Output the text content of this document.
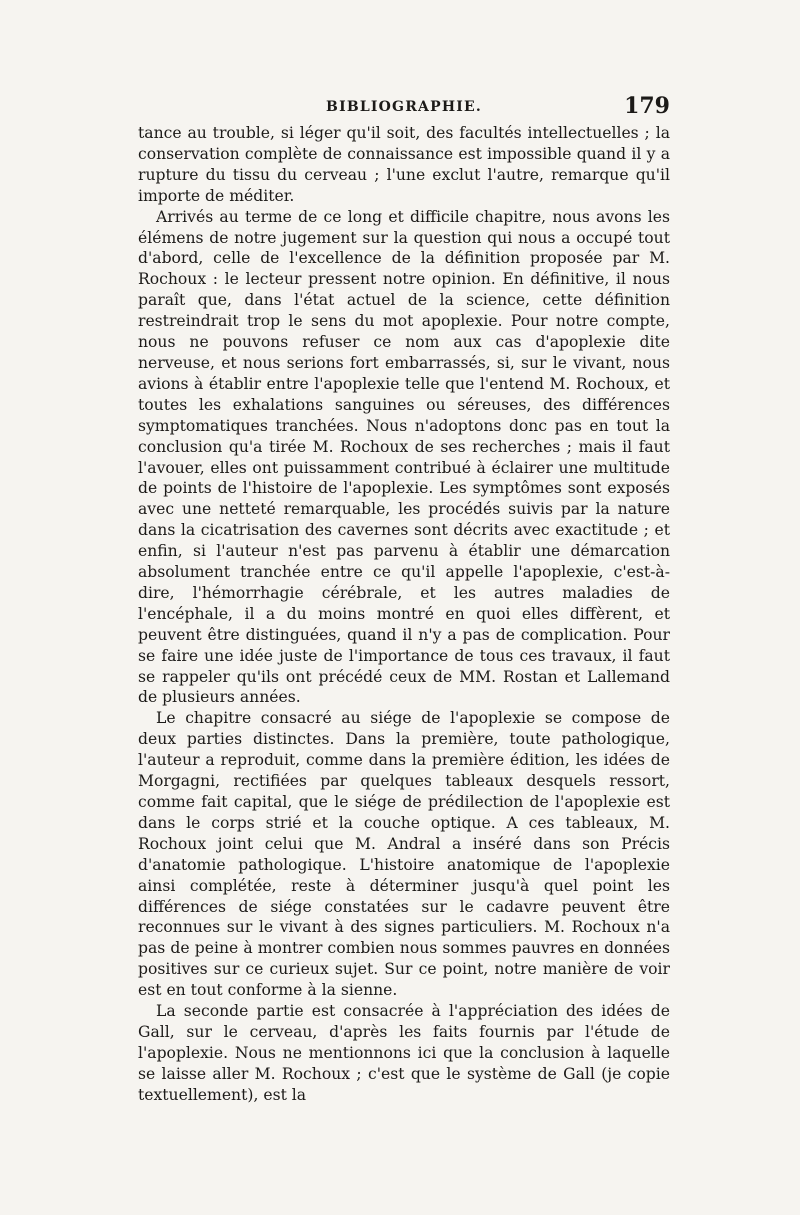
BIBLIOGRAPHIE.	179

tance au trouble, si léger qu'il soit, des facultés intellectuelles ; la conservation complète de connaissance est impossible quand il y a rupture du tissu du cerveau ; l'une exclut l'autre, remarque qu'il importe de méditer.

Arrivés au terme de ce long et difficile chapitre, nous avons les élémens de notre jugement sur la question qui nous a occupé tout d'abord, celle de l'excellence de la définition proposée par M. Rochoux : le lecteur pressent notre opinion. En définitive, il nous paraît que, dans l'état actuel de la science, cette définition restreindrait trop le sens du mot apoplexie. Pour notre compte, nous ne pouvons refuser ce nom aux cas d'apoplexie dite nerveuse, et nous serions fort embarrassés, si, sur le vivant, nous avions à établir entre l'apoplexie telle que l'entend M. Rochoux, et toutes les exhalations sanguines ou séreuses, des différences symptomatiques tranchées. Nous n'adoptons donc pas en tout la conclusion qu'a tirée M. Rochoux de ses recherches ; mais il faut l'avouer, elles ont puissamment contribué à éclairer une multitude de points de l'histoire de l'apoplexie. Les symptômes sont exposés avec une netteté remarquable, les procédés suivis par la nature dans la cicatrisation des cavernes sont décrits avec exactitude ; et enfin, si l'auteur n'est pas parvenu à établir une démarcation absolument tranchée entre ce qu'il appelle l'apoplexie, c'est-à-dire, l'hémorrhagie cérébrale, et les autres maladies de l'encéphale, il a du moins montré en quoi elles diffèrent, et peuvent être distinguées, quand il n'y a pas de complication. Pour se faire une idée juste de l'importance de tous ces travaux, il faut se rappeler qu'ils ont précédé ceux de MM. Rostan et Lallemand de plusieurs années.

Le chapitre consacré au siége de l'apoplexie se compose de deux parties distinctes. Dans la première, toute pathologique, l'auteur a reproduit, comme dans la première édition, les idées de Morgagni, rectifiées par quelques tableaux desquels ressort, comme fait capital, que le siége de prédilection de l'apoplexie est dans le corps strié et la couche optique. A ces tableaux, M. Rochoux joint celui que M. Andral a inséré dans son Précis d'anatomie pathologique. L'histoire anatomique de l'apoplexie ainsi complétée, reste à déterminer jusqu'à quel point les différences de siége constatées sur le cadavre peuvent être reconnues sur le vivant à des signes particuliers. M. Rochoux n'a pas de peine à montrer combien nous sommes pauvres en données positives sur ce curieux sujet. Sur ce point, notre manière de voir est en tout conforme à la sienne.

La seconde partie est consacrée à l'appréciation des idées de Gall, sur le cerveau, d'après les faits fournis par l'étude de l'apoplexie. Nous ne mentionnons ici que la conclusion à laquelle se laisse aller M. Rochoux ; c'est que le système de Gall (je copie textuellement), est la
